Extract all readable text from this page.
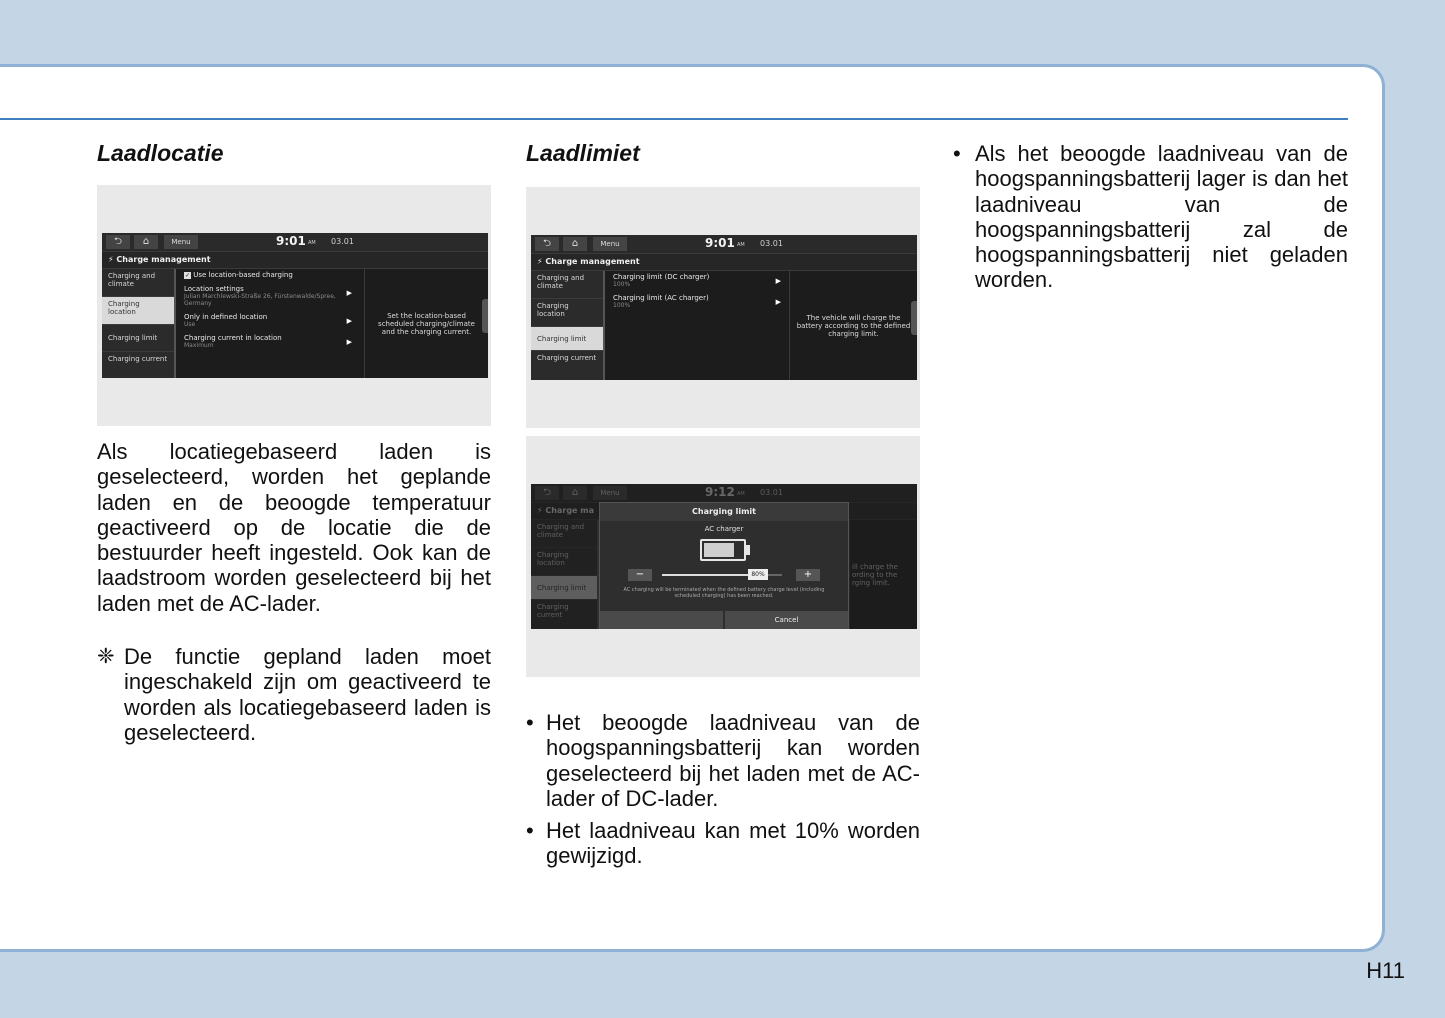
Laadlocatie
⮌	⌂	Menu	9:01 AM 03.01
⚡ Charge management
Charging and climate
Charging location
Charging limit
Charging current
✓ Use location-based charging
Location settings
Julian Marchlewski-Straße 26, Fürstenwalde/Spree, Germany
▶
Only in defined location
Use	▶
Charging current in location
Maximum	▶
Set the location-based scheduled charging/climate and the charging current.

Als locatiegebaseerd laden is geselecteerd, worden het geplande laden en de beoogde temperatuur geactiveerd op de locatie die de bestuurder heeft ingesteld. Ook kan de laadstroom worden geselecteerd bij het laden met de AC-lader.

❈ De functie gepland laden moet ingeschakeld zijn om geactiveerd te worden als locatiegebaseerd laden is geselecteerd.
Laadlimiet
⮌	⌂	Menu	9:01 AM 03.01
⚡ Charge management
Charging and climate
Charging location
Charging limit
Charging current
Charging limit (DC charger)
100%	▶
Charging limit (AC charger)
100%	▶
The vehicle will charge the battery according to the defined charging limit.
⮌	⌂	Menu	9:12 AM 03.01
⚡ Charge ma
Charging and climate
Charging location
Charging limit
Charging current
ill charge the ording to the rging limit.
Charging limit
AC charger
−	80%	+
AC charging will be terminated when the defined battery charge level (including scheduled charging) has been reached.
Cancel
• Het beoogde laadniveau van de hoogspanningsbatterij kan worden geselecteerd bij het laden met de AC-lader of DC-lader.
• Het laadniveau kan met 10% worden gewijzigd.
• Als het beoogde laadniveau van de hoogspanningsbatterij lager is dan het laadniveau van de hoogspanningsbatterij zal de hoogspanningsbatterij niet geladen worden.
H11
